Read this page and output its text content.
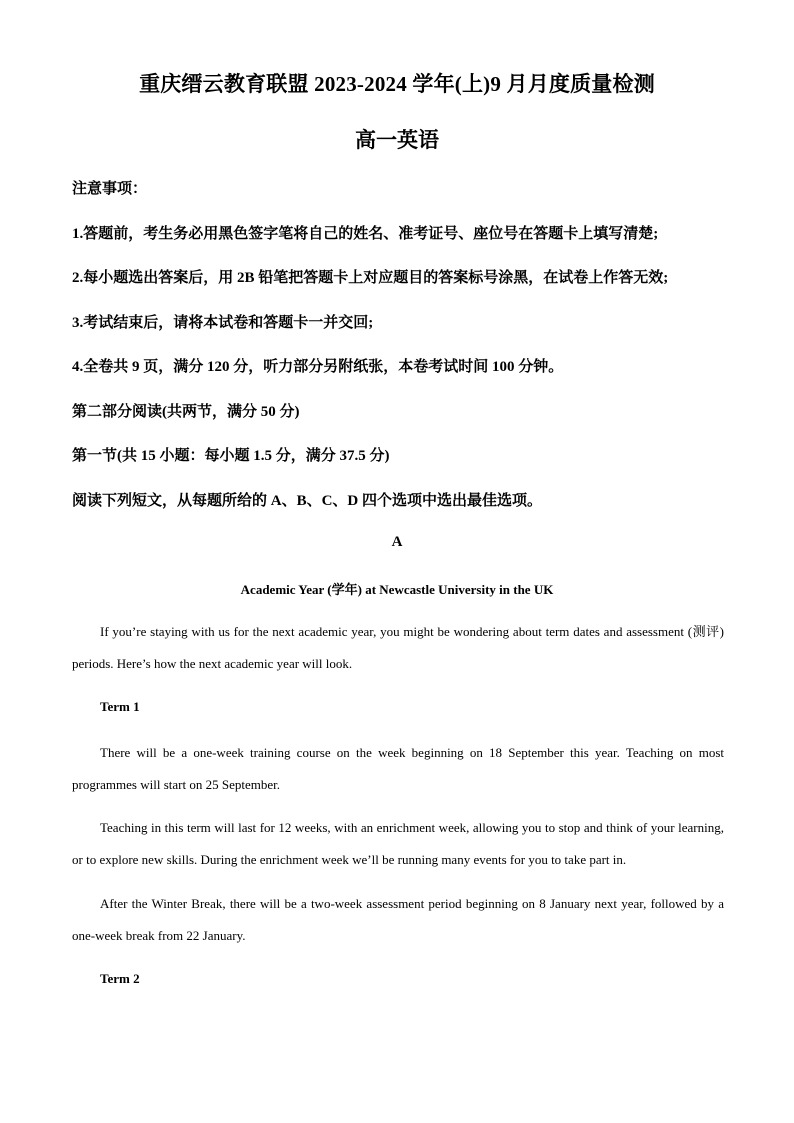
重庆缙云教育联盟 2023-2024 学年(上)9 月月度质量检测
高一英语
注意事项：
1.答题前，考生务必用黑色签字笔将自己的姓名、准考证号、座位号在答题卡上填写清楚;
2.每小题选出答案后，用 2B 铅笔把答题卡上对应题目的答案标号涂黑，在试卷上作答无效;
3.考试结束后，请将本试卷和答题卡一并交回;
4.全卷共 9 页，满分 120 分，听力部分另附纸张，本卷考试时间 100 分钟。
第二部分阅读(共两节，满分 50 分)
第一节(共 15 小题：每小题 1.5 分，满分 37.5 分)
阅读下列短文，从每题所给的 A、B、C、D 四个选项中选出最佳选项。
A
Academic Year (学年) at Newcastle University in the UK
If you’re staying with us for the next academic year, you might be wondering about term dates and assessment (测评) periods. Here’s how the next academic year will look.
Term 1
There will be a one-week training course on the week beginning on 18 September this year. Teaching on most programmes will start on 25 September.
Teaching in this term will last for 12 weeks, with an enrichment week, allowing you to stop and think of your learning, or to explore new skills. During the enrichment week we’ll be running many events for you to take part in.
After the Winter Break, there will be a two-week assessment period beginning on 8 January next year, followed by a one-week break from 22 January.
Term 2
